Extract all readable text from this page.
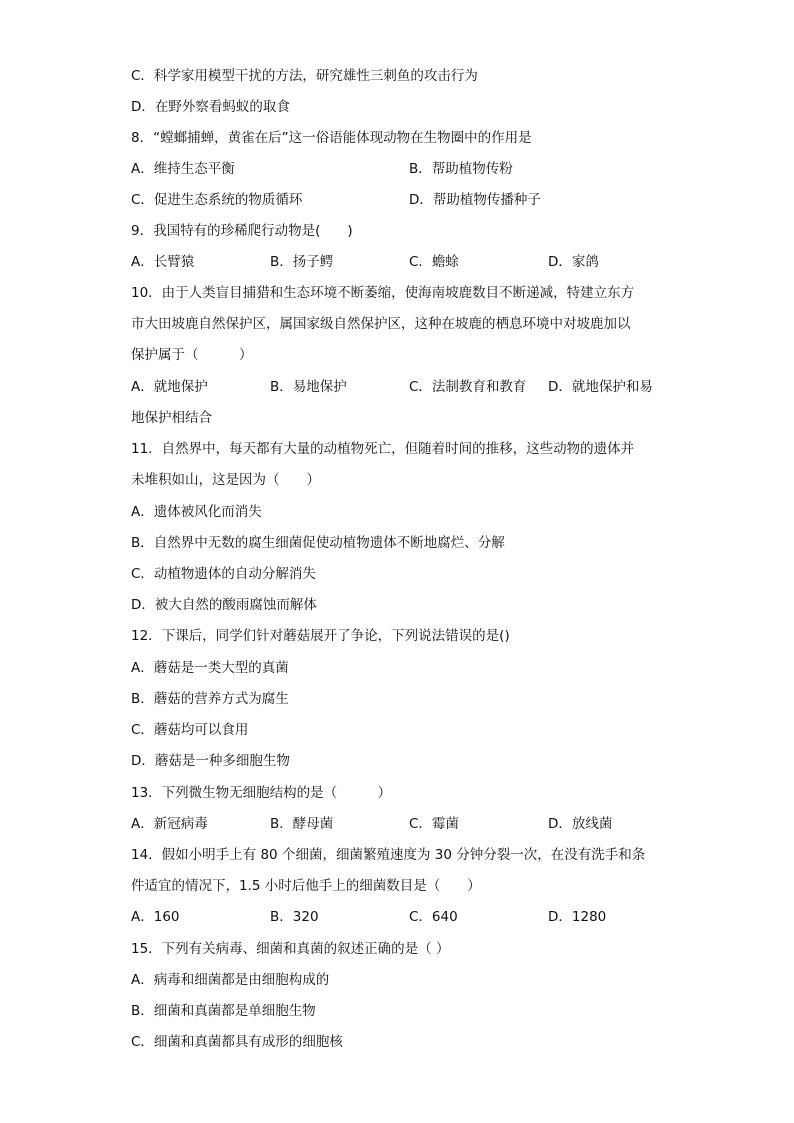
C．科学家用模型干扰的方法，研究雄性三刺鱼的攻击行为
D．在野外察看蚂蚁的取食
8．“螳螂捕蝉，黄雀在后”这一俗语能体现动物在生物圈中的作用是
A．维持生态平衡	B．帮助植物传粉
C．促进生态系统的物质循环	D．帮助植物传播种子
9．我国特有的珍稀爬行动物是(　　)
A．长臂猿	B．扬子鳄	C．蟾蜍	D．家鸽
10．由于人类盲目捕猎和生态环境不断萎缩，使海南坡鹿数目不断递减，特建立东方
市大田坡鹿自然保护区，属国家级自然保护区，这种在坡鹿的栖息环境中对坡鹿加以
保护属于（　　　）
A．就地保护	B．易地保护	C．法制教育和教育 D．就地保护和易
地保护相结合
11．自然界中，每天都有大量的动植物死亡，但随着时间的推移，这些动物的遗体并
未堆积如山，这是因为（　　）
A．遗体被风化而消失
B．自然界中无数的腐生细菌促使动植物遗体不断地腐烂、分解
C．动植物遗体的自动分解消失
D．被大自然的酸雨腐蚀而解体
12．下课后，同学们针对蘑菇展开了争论，下列说法错误的是()
A．蘑菇是一类大型的真菌
B．蘑菇的营养方式为腐生
C．蘑菇均可以食用
D．蘑菇是一种多细胞生物
13．下列微生物无细胞结构的是（　　　）
A．新冠病毒	B．酵母菌	C．霉菌	D．放线菌
14．假如小明手上有 80 个细菌，细菌繁殖速度为 30 分钟分裂一次，在没有洗手和条
件适宜的情况下，1.5 小时后他手上的细菌数目是（　　）
A．160	B．320	C．640	D．1280
15．下列有关病毒、细菌和真菌的叙述正确的是（ ）
A．病毒和细菌都是由细胞构成的
B．细菌和真菌都是单细胞生物
C．细菌和真菌都具有成形的细胞核
